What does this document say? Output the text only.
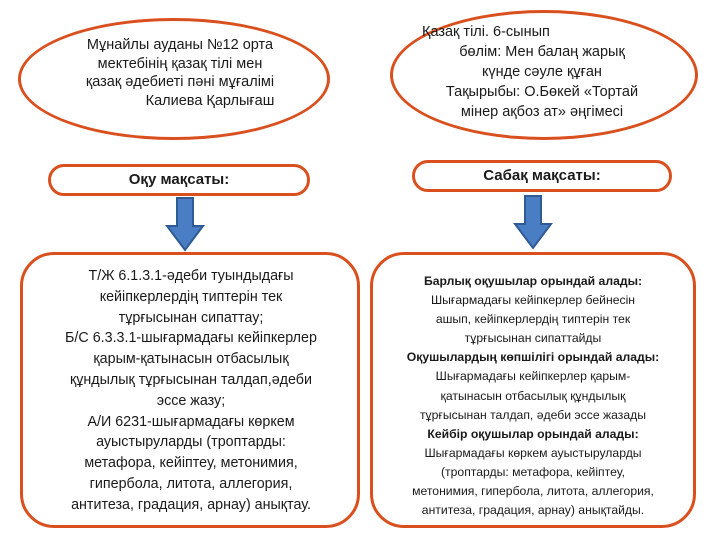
Мұнайлы ауданы №12 орта
мектебінің қазақ тілі мен
қазақ әдебиеті пәні мұғалімі
Калиева Қарлығаш
Қазақ тілі. 6-сынып
бөлім: Мен балаң жарық
күнде сәуле құған
Тақырыбы: О.Бөкей «Тортай
мінер ақбоз ат» әңгімесі
Оқу мақсаты:	Сабақ мақсаты:
Т/Ж 6.1.3.1-әдеби туындыдағы
кейіпкерлердің типтерін тек
тұрғысынан сипаттау;
Б/С 6.3.3.1-шығармадағы кейіпкерлер
қарым-қатынасын отбасылық
құндылық тұрғысынан талдап,әдеби
эссе жазу;
А/И 6231-шығармадағы көркем
ауыстыруларды (троптарды:
метафора, кейіптеу, метонимия,
гипербола, литота, аллегория,
антитеза, градация, арнау) анықтау.
Барлық оқушылар орындай алады:
Шығармадағы кейіпкерлер бейнесін
ашып, кейіпкерлердің типтерін тек
тұрғысынан сипаттайды
Оқушылардың көпшілігі орындай алады:
Шығармадағы кейіпкерлер қарым-
қатынасын отбасылық құндылық
тұрғысынан талдап, әдеби эссе жазады
Кейбір оқушылар орындай алады:
Шығармадағы көркем ауыстыруларды
(троптарды: метафора, кейіптеу,
метонимия, гипербола, литота, аллегория,
антитеза, градация, арнау) анықтайды.
